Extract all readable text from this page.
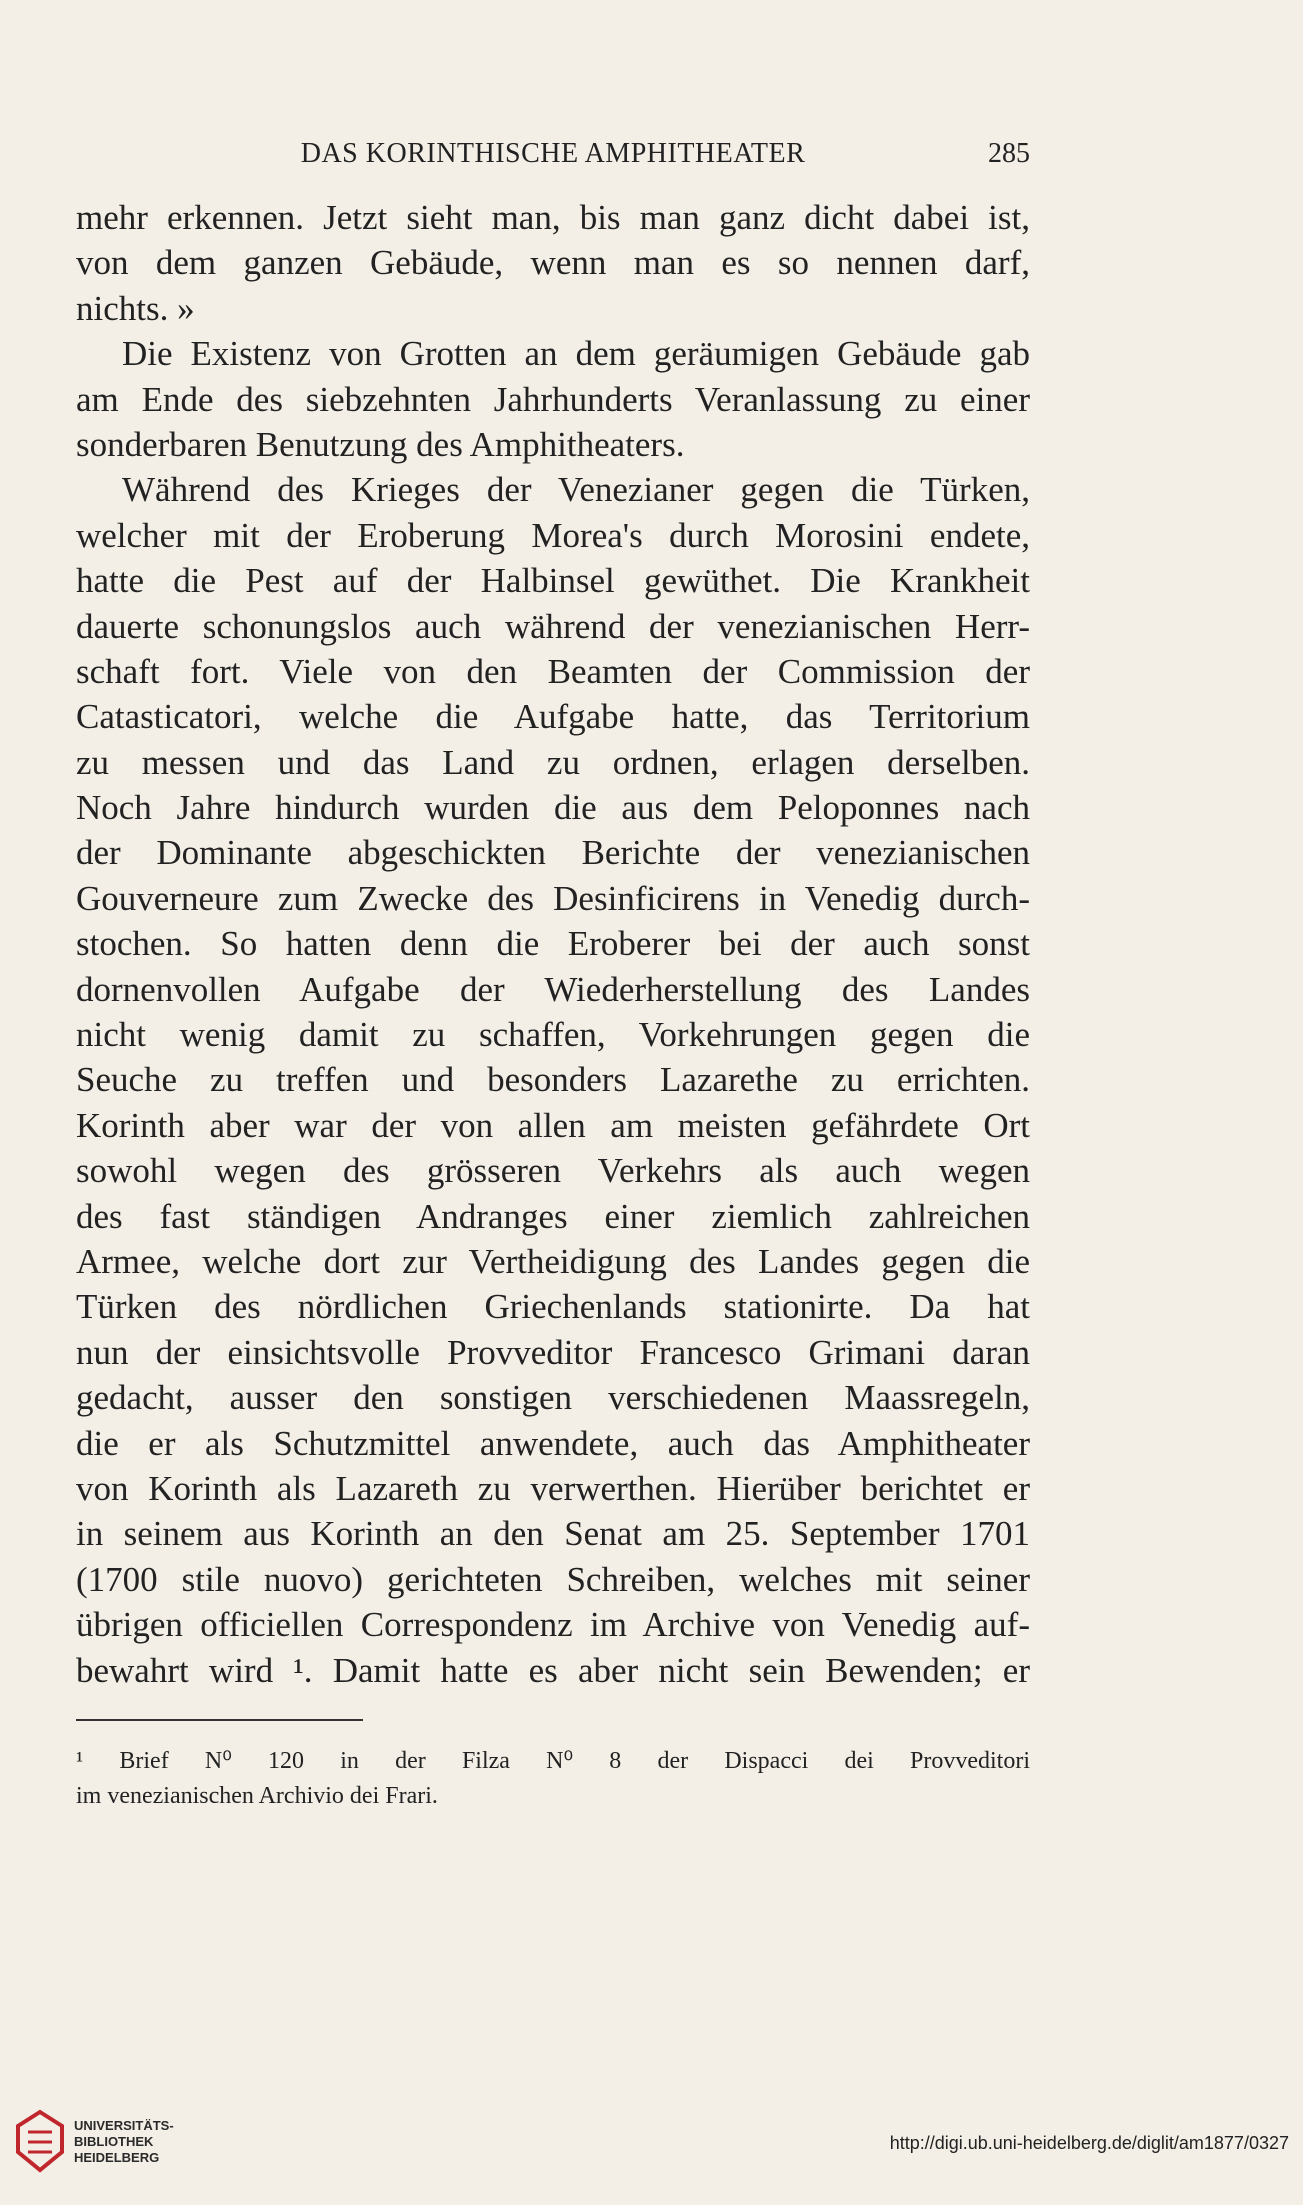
DAS KORINTHISCHE AMPHITHEATER	285
mehr erkennen. Jetzt sieht man, bis man ganz dicht dabei ist,
von dem ganzen Gebäude, wenn man es so nennen darf,
nichts. »
Die Existenz von Grotten an dem geräumigen Gebäude gab
am Ende des siebzehnten Jahrhunderts Veranlassung zu einer
sonderbaren Benutzung des Amphitheaters.
Während des Krieges der Venezianer gegen die Türken,
welcher mit der Eroberung Morea's durch Morosini endete,
hatte die Pest auf der Halbinsel gewüthet. Die Krankheit
dauerte schonungslos auch während der venezianischen Herr-
schaft fort. Viele von den Beamten der Commission der
Catasticatori, welche die Aufgabe hatte, das Territorium
zu messen und das Land zu ordnen, erlagen derselben.
Noch Jahre hindurch wurden die aus dem Peloponnes nach
der Dominante abgeschickten Berichte der venezianischen
Gouverneure zum Zwecke des Desinficirens in Venedig durch-
stochen. So hatten denn die Eroberer bei der auch sonst
dornenvollen Aufgabe der Wiederherstellung des Landes
nicht wenig damit zu schaffen, Vorkehrungen gegen die
Seuche zu treffen und besonders Lazarethe zu errichten.
Korinth aber war der von allen am meisten gefährdete Ort
sowohl wegen des grösseren Verkehrs als auch wegen
des fast ständigen Andranges einer ziemlich zahlreichen
Armee, welche dort zur Vertheidigung des Landes gegen die
Türken des nördlichen Griechenlands stationirte. Da hat
nun der einsichtsvolle Provveditor Francesco Grimani daran
gedacht, ausser den sonstigen verschiedenen Maassregeln,
die er als Schutzmittel anwendete, auch das Amphitheater
von Korinth als Lazareth zu verwerthen. Hierüber berichtet er
in seinem aus Korinth an den Senat am 25. September 1701
(1700 stile nuovo) gerichteten Schreiben, welches mit seiner
übrigen officiellen Correspondenz im Archive von Venedig auf-
bewahrt wird ¹. Damit hatte es aber nicht sein Bewenden; er
¹ Brief N⁰ 120 in der Filza N⁰ 8 der Dispacci dei Provveditori
im venezianischen Archivio dei Frari.
UNIVERSITÄTS-
BIBLIOTHEK
HEIDELBERG
http://digi.ub.uni-heidelberg.de/diglit/am1877/0327
